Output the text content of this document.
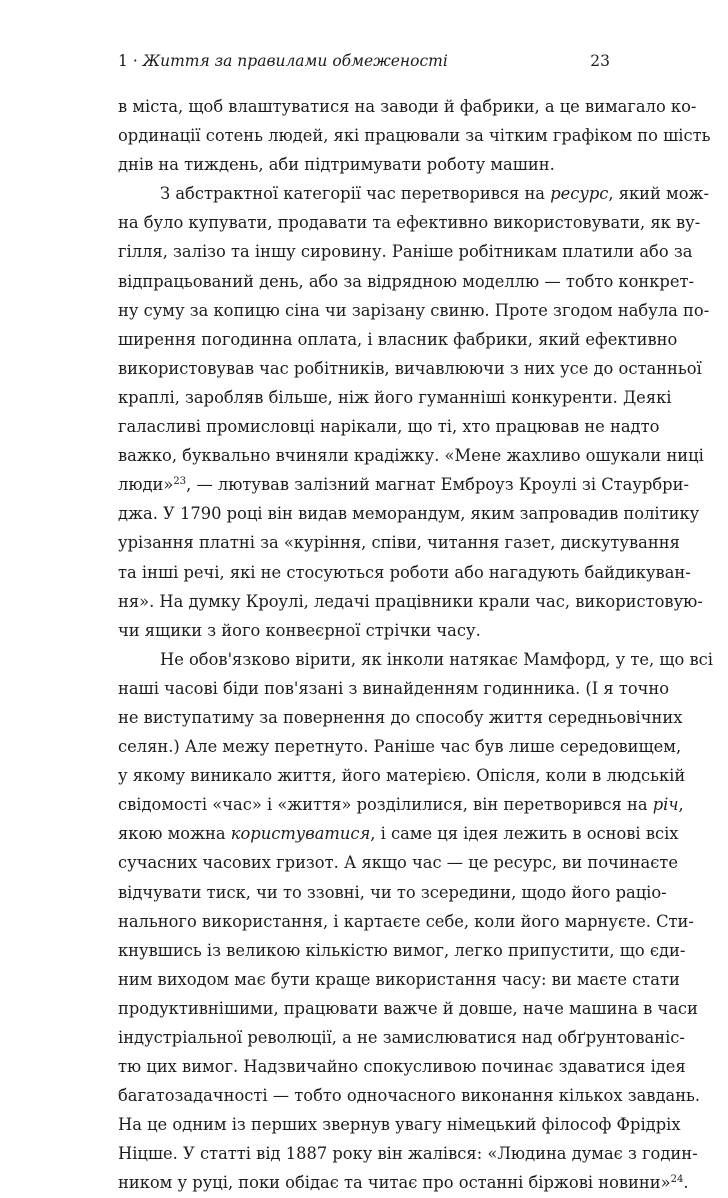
1 · Життя за правилами обмеженості	23
в міста, щоб влаштуватися на заводи й фабрики, а це вимагало ко-
ординації сотень людей, які працювали за чітким графіком по шість
днів на тиждень, аби підтримувати роботу машин.
З абстрактної категорії час перетворився на ресурс, який мож-
на було купувати, продавати та ефективно використовувати, як ву-
гілля, залізо та іншу сировину. Раніше робітникам платили або за
відпрацьований день, або за відрядною моделлю — тобто конкрет-
ну суму за копицю сіна чи зарізану свиню. Проте згодом набула по-
ширення погодинна оплата, і власник фабрики, який ефективно
використовував час робітників, вичавлюючи з них усе до останньої
краплі, заробляв більше, ніж його гуманніші конкуренти. Деякі
галасливі промисловці нарікали, що ті, хто працював не надто
важко, буквально вчиняли крадіжку. «Мене жахливо ошукали ниці
люди»$^{23}$, — лютував залізний магнат Емброуз Кроулі зі Стаурбри-
джа. У 1790 році він видав меморандум, яким запровадив політику
урізання платні за «куріння, співи, читання газет, дискутування
та інші речі, які не стосуються роботи або нагадують байдикуван-
ня». На думку Кроулі, ледачі працівники крали час, використовую-
чи ящики з його конвеєрної стрічки часу.
Не обов'язково вірити, як інколи натякає Мамфорд, у те, що всі
наші часові біди пов'язані з винайденням годинника. (І я точно
не виступатиму за повернення до способу життя середньовічних
селян.) Але межу перетнуто. Раніше час був лише середовищем,
у якому виникало життя, його матерією. Опісля, коли в людській
свідомості «час» і «життя» розділилися, він перетворився на річ,
якою можна користуватися, і саме ця ідея лежить в основі всіх
сучасних часових гризот. А якщо час — це ресурс, ви починаєте
відчувати тиск, чи то ззовні, чи то зсередини, щодо його раціо-
нального використання, і картаєте себе, коли його марнуєте. Сти-
кнувшись із великою кількістю вимог, легко припустити, що єди-
ним виходом має бути краще використання часу: ви маєте стати
продуктивнішими, працювати важче й довше, наче машина в часи
індустріальної революції, а не замислюватися над обґрунтованіс-
тю цих вимог. Надзвичайно спокусливою починає здаватися ідея
багатозадачності — тобто одночасного виконання кількох завдань.
На це одним із перших звернув увагу німецький філософ Фрідріх
Ніцше. У статті від 1887 року він жалівся: «Людина думає з годин-
ником у руці, поки обідає та читає про останні біржові новини»$^{24}$.
